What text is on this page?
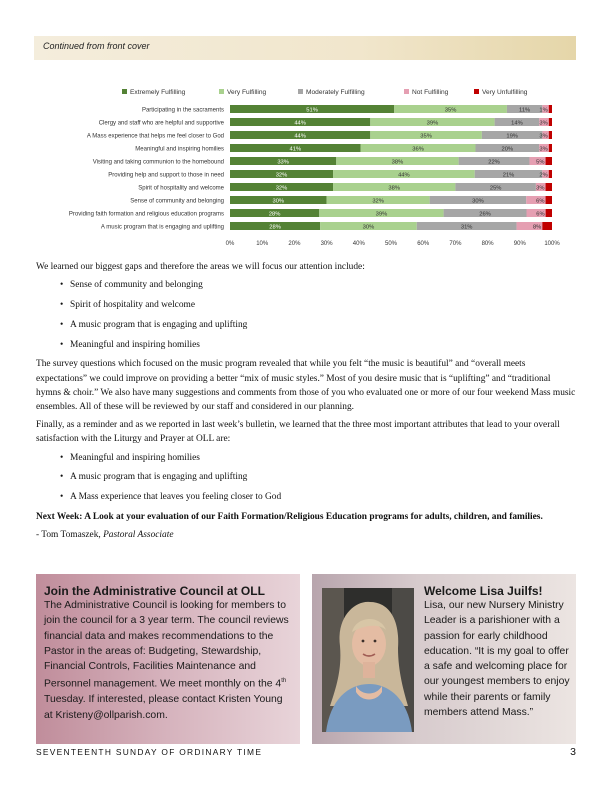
Continued from front cover
Extremely Fulfilling	Very Fulfilling	Moderately Fulfilling	Not Fulfilling	Very Unfulfilling
Participating in the sacraments	51%	35%	11% 1%
Clergy and staff who are helpful and supportive	44%	39%	14%	3%
A Mass experience that helps me feel closer to God	44%	35%	19%	3%
Meaningful and inspiring homilies	41%	36%	20%	3%
Visiting and taking communion to the homebound	33%	38%	22%	5%
Providing help and support to those in need	32%	44%	21%	2%
Spirit of hospitality and welcome	32%	38%	25%	3%
Sense of community and belonging	30%	32%	30%	6%
Providing faith formation and religious education programs	28%	39%	26%	6%
A music program that is engaging and uplifting	28%	30%	31%	8%
0%	10%	20%	30%	40%	50%	60%	70%	80%	90%	100%

We learned our biggest gaps and therefore the areas we will focus our attention include:

• Sense of community and belonging
• Spirit of hospitality and welcome
• A music program that is engaging and uplifting
• Meaningful and inspiring homilies

The survey questions which focused on the music program revealed that while you felt “the music is beautiful” and “overall meets expectations” we could improve on providing a better “mix of music styles.” Most of you desire music that is “uplifting” and “traditional hymns & choir.” We also have many suggestions and comments from those of you who evaluated one or more of our four weekend Mass music ensembles. All of these will be reviewed by our staff and considered in our planning.

Finally, as a reminder and as we reported in last week’s bulletin, we learned that the three most important attributes that lead to your overall satisfaction with the Liturgy and Prayer at OLL are:

• Meaningful and inspiring homilies
• A music program that is engaging and uplifting
• A Mass experience that leaves you feeling closer to God

Next Week: A Look at your evaluation of our Faith Formation/Religious Education programs for adults, children, and families.

- Tom Tomaszek, Pastoral Associate

Join the Administrative Council at OLL

The Administrative Council is looking for members to join the council for a 3 year term. The council reviews financial data and makes recommendations to the Pastor in the areas of: Budgeting, Stewardship, Financial Controls, Facilities Maintenance and Personnel management. We meet monthly on the 4th Tuesday. If interested, please contact Kristen Young at Kristeny@ollparish.com.

Welcome Lisa Juilfs!

Lisa, our new Nursery Ministry Leader is a parishioner with a passion for early childhood education. “It is my goal to offer a safe and welcoming place for our youngest members to enjoy while their parents or family members attend Mass.”

SEVENTEENTH SUNDAY OF ORDINARY TIME	3
